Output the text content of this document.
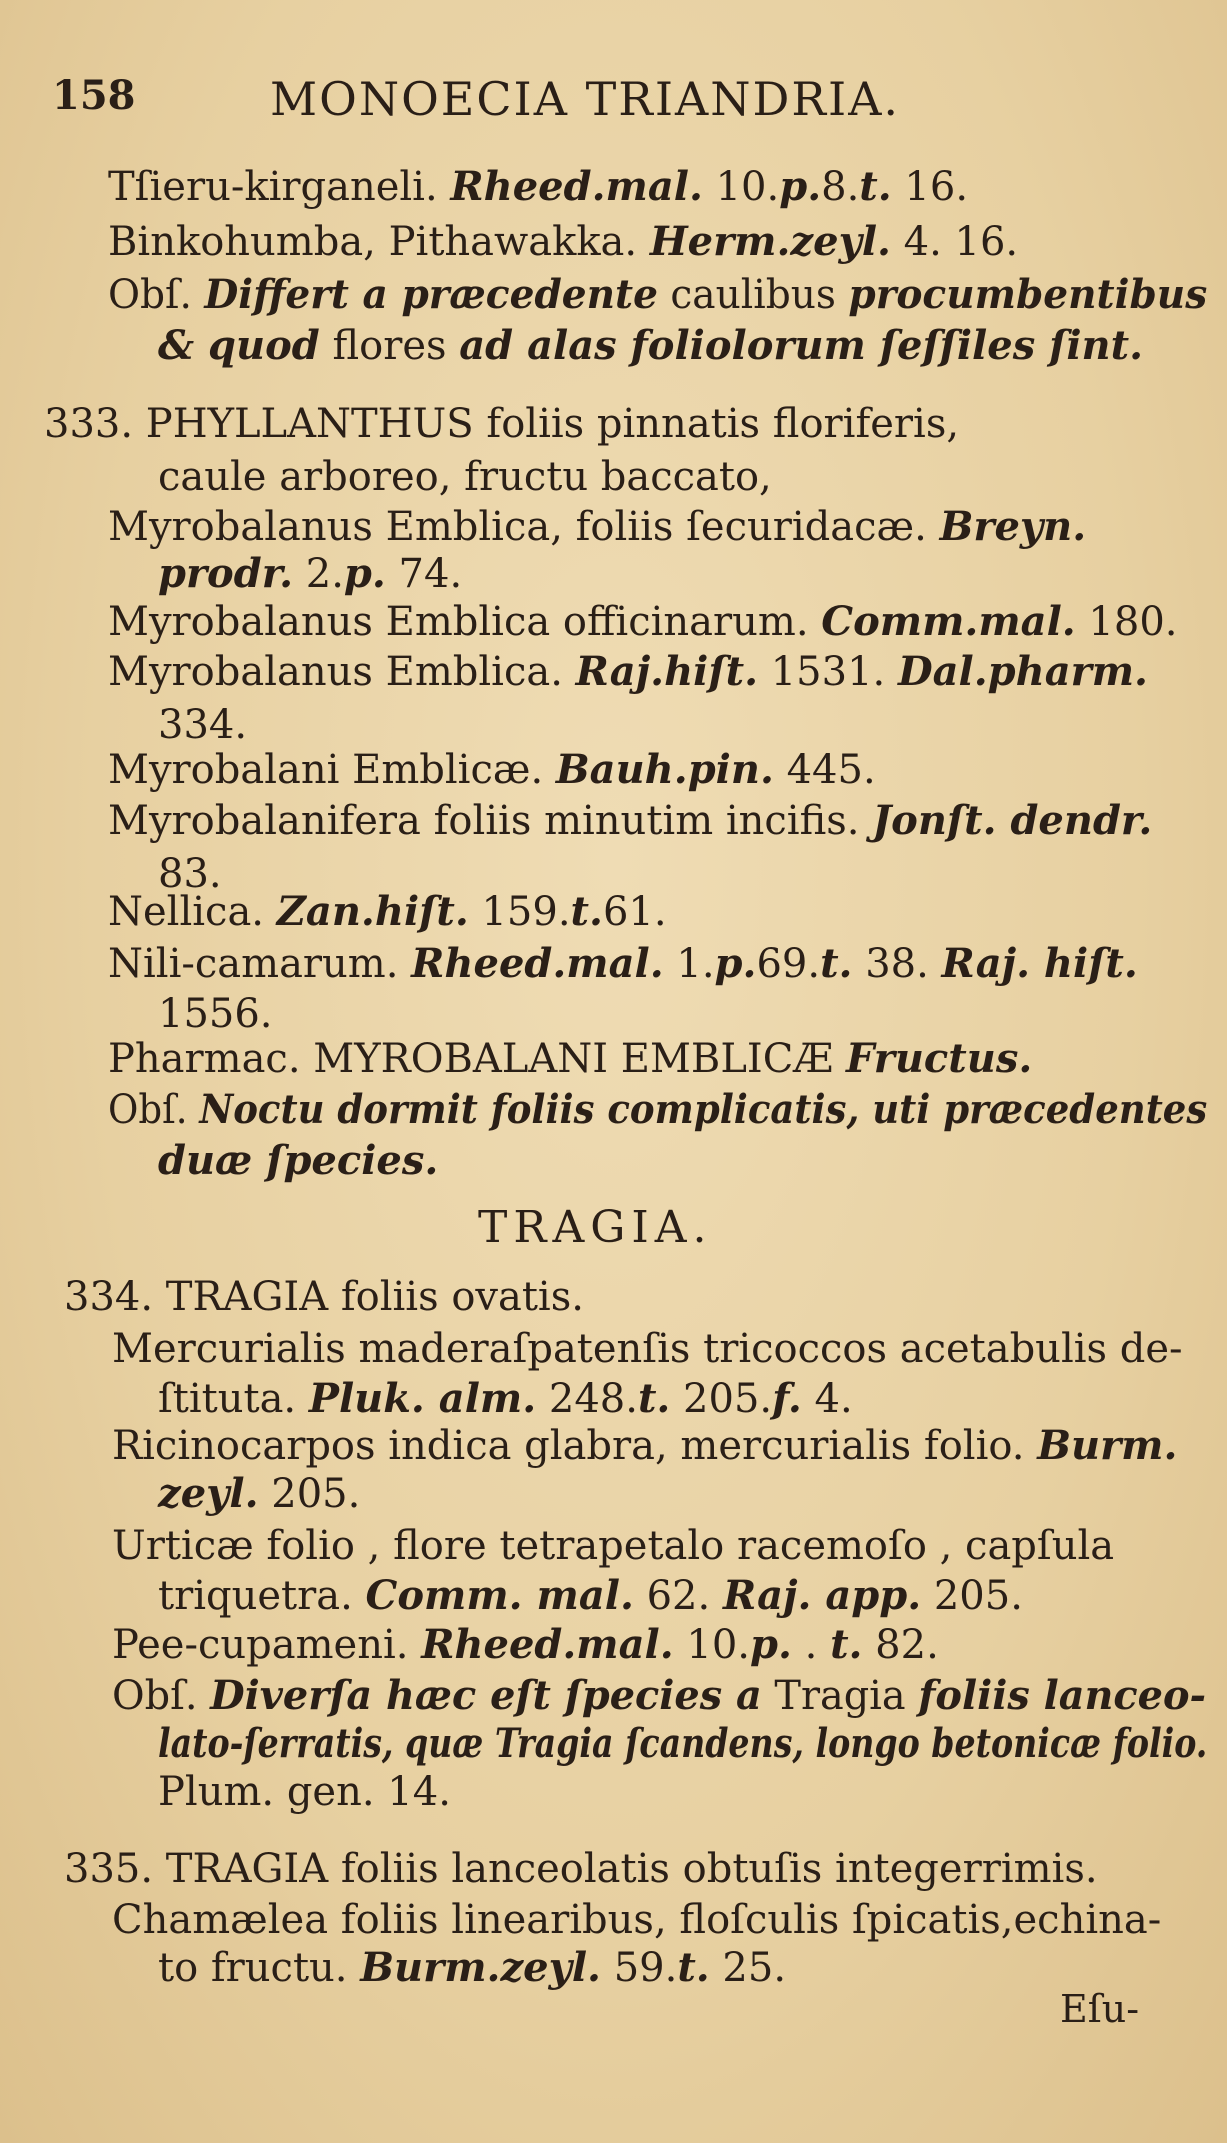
158	MONOECIA TRIANDRIA.
Tſieru-kirganeli. Rheed.mal. 10.p.8.t. 16.
Binkohumba, Pithawakka. Herm.zeyl. 4. 16.
Obſ. Differt a præcedente caulibus procumbentibus
& quod flores ad alas foliolorum ſeſſiles ſint.
333. PHYLLANTHUS foliis pinnatis floriferis,
caule arboreo, fructu baccato,
Myrobalanus Emblica, foliis ſecuridacæ. Breyn.
prodr. 2.p. 74.
Myrobalanus Emblica officinarum. Comm.mal. 180.
Myrobalanus Emblica. Raj.hiſt. 1531. Dal.pharm.
334.
Myrobalani Emblicæ. Bauh.pin. 445.
Myrobalanifera foliis minutim incifis. Jonſt. dendr.
83.
Nellica. Zan.hiſt. 159.t.61.
Nili-camarum. Rheed.mal. 1.p.69.t. 38. Raj. hiſt.
1556.
Pharmac. MYROBALANI EMBLICÆ Fructus.
Obſ. Noctu dormit foliis complicatis, uti præcedentes
duæ ſpecies.
TRAGIA.
334. TRAGIA foliis ovatis.
Mercurialis maderaſpatenſis tricoccos acetabulis de-
ſtituta. Pluk. alm. 248.t. 205.f. 4.
Ricinocarpos indica glabra, mercurialis folio. Burm.
zeyl. 205.
Urticæ folio , flore tetrapetalo racemoſo , capſula
triquetra. Comm. mal. 62. Raj. app. 205.
Pee-cupameni. Rheed.mal. 10.p. . t. 82.
Obſ. Diverſa hæc eſt ſpecies a Tragia foliis lanceo-
lato-ſerratis, quæ Tragia ſcandens, longo betonicæ folio.
Plum. gen. 14.
335. TRAGIA foliis lanceolatis obtuſis integerrimis.
Chamælea foliis linearibus, floſculis ſpicatis,echina-
to fructu. Burm.zeyl. 59.t. 25.
Eſu-
